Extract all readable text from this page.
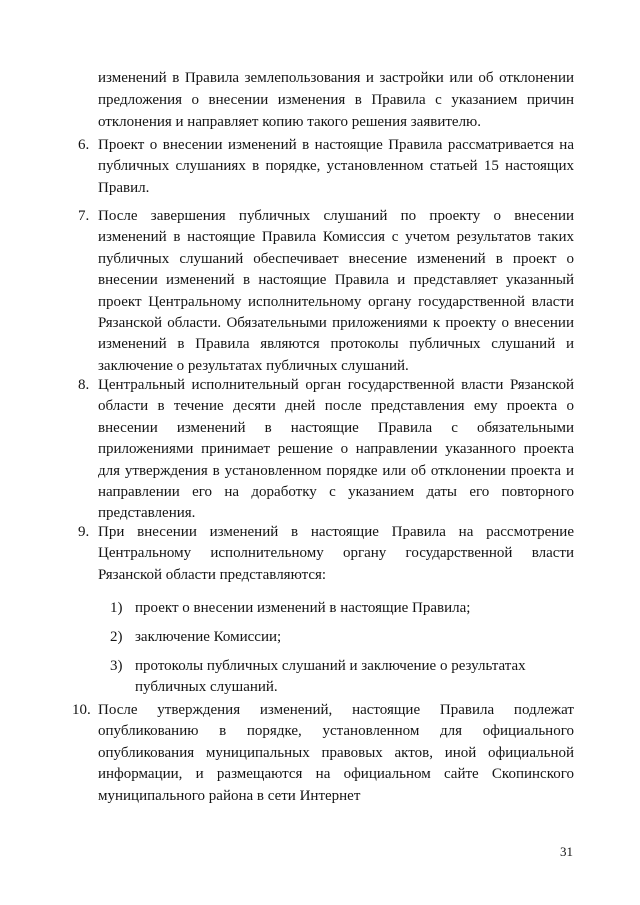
изменений в Правила землепользования и застройки или об отклонении предложения о внесении изменения в Правила с указанием причин отклонения и направляет копию такого решения заявителю.
6. Проект о внесении изменений в настоящие Правила рассматривается на публичных слушаниях в порядке, установленном статьей 15 настоящих Правил.
7. После завершения публичных слушаний по проекту о внесении изменений в настоящие Правила Комиссия с учетом результатов таких публичных слушаний обеспечивает внесение изменений в проект о внесении изменений в настоящие Правила и представляет указанный проект Центральному исполнительному органу государственной власти Рязанской области. Обязательными приложениями к проекту о внесении изменений в Правила являются протоколы публичных слушаний и заключение о результатах публичных слушаний.
8. Центральный исполнительный орган государственной власти Рязанской области в течение десяти дней после представления ему проекта о внесении изменений в настоящие Правила с обязательными приложениями принимает решение о направлении указанного проекта для утверждения в установленном порядке или об отклонении проекта и направлении его на доработку с указанием даты его повторного представления.
9. При внесении изменений в настоящие Правила на рассмотрение Центральному исполнительному органу государственной власти Рязанской области представляются:
1) проект о внесении изменений в настоящие Правила;
2) заключение Комиссии;
3) протоколы публичных слушаний и заключение о результатах публичных слушаний.
10. После утверждения изменений, настоящие Правила подлежат опубликованию в порядке, установленном для официального опубликования муниципальных правовых актов, иной официальной информации, и размещаются на официальном сайте Скопинского муниципального района в сети Интернет
31
